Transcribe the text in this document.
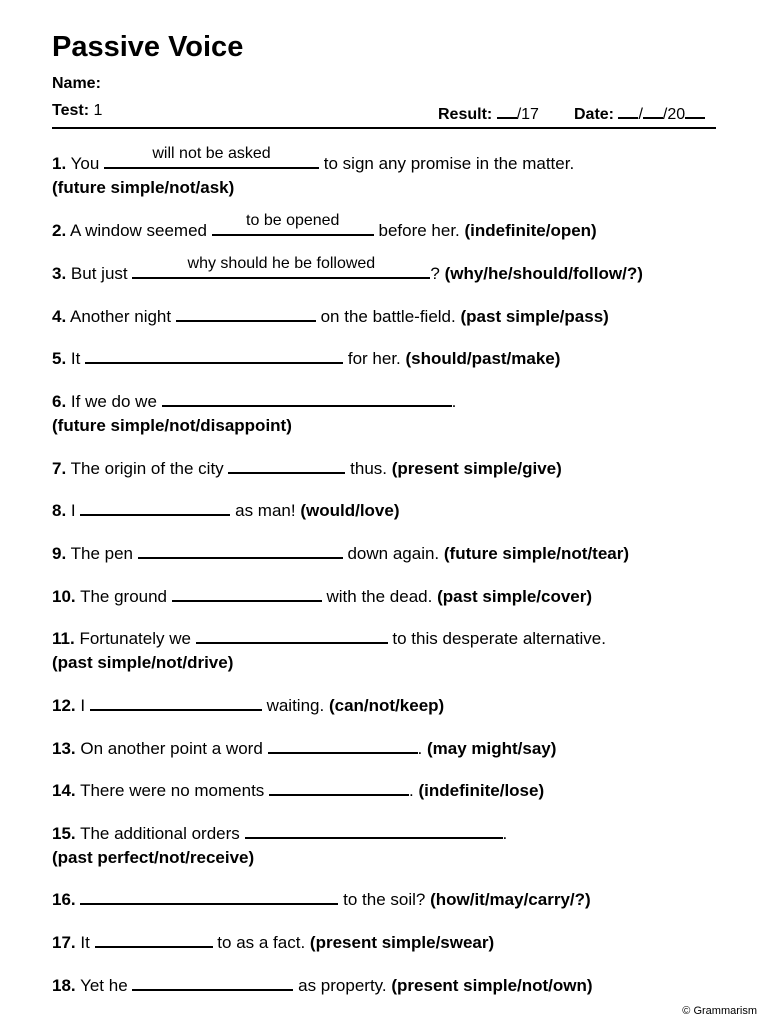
Passive Voice
Name:
Test: 1	Result: /17 Date: / /20
1. You
will not be asked
to sign any promise in the matter.
(future simple/not/ask)
2. A window seemed
to be opened
before her. (indefinite/open)
3. But just
why should he be followed
? (why/he/should/follow/?)
4. Another night	on the battle-field. (past simple/pass)
5. It	for her. (should/past/make)
6. If we do we	.
(future simple/not/disappoint)
7. The origin of the city	thus. (present simple/give)
8. I	as man! (would/love)
9. The pen	down again. (future simple/not/tear)
10. The ground	with the dead. (past simple/cover)
11. Fortunately we	to this desperate alternative.
(past simple/not/drive)
12. I	waiting. (can/not/keep)
13. On another point a word	. (may might/say)
14. There were no moments	. (indefinite/lose)
15. The additional orders	.
(past perfect/not/receive)
16.	to the soil? (how/it/may/carry/?)
17. It	to as a fact. (present simple/swear)
18. Yet he	as property. (present simple/not/own)
© Grammarism
